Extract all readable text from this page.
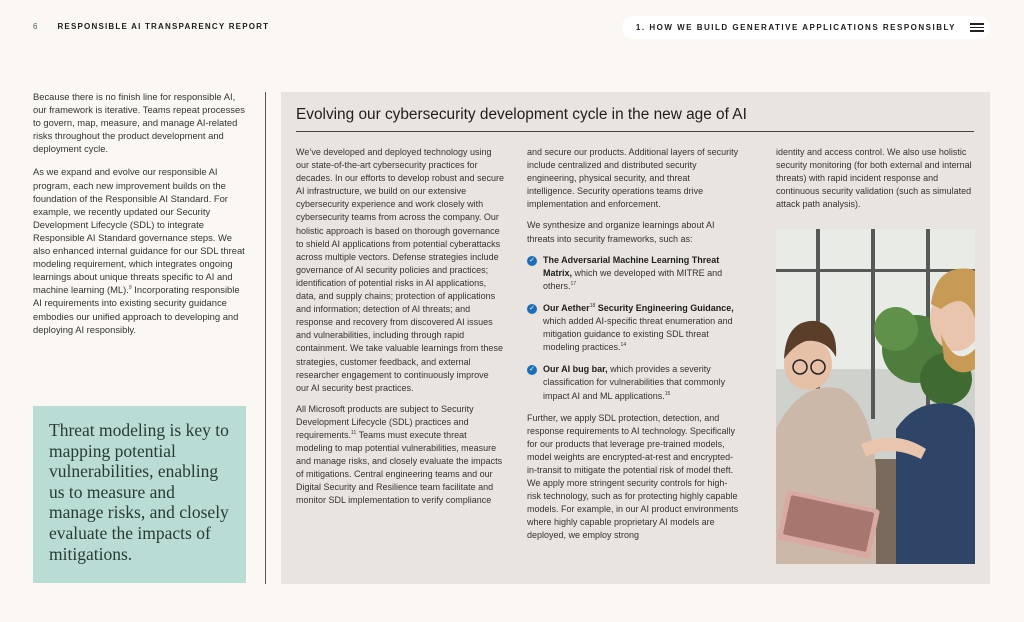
6	RESPONSIBLE AI TRANSPARENCY REPORT	1. HOW WE BUILD GENERATIVE APPLICATIONS RESPONSIBLY

Because there is no finish line for responsible AI, our framework is iterative. Teams repeat processes to govern, map, measure, and manage AI-related risks throughout the product development and deployment cycle.

As we expand and evolve our responsible AI program, each new improvement builds on the foundation of the Responsible AI Standard. For example, we recently updated our Security Development Lifecycle (SDL) to integrate Responsible AI Standard governance steps. We also enhanced internal guidance for our SDL threat modeling requirement, which integrates ongoing learnings about unique threats specific to AI and machine learning (ML).$^9$ Incorporating responsible AI requirements into existing security guidance embodies our unified approach to developing and deploying AI responsibly.

Threat modeling is key to mapping potential vulnerabilities, enabling us to measure and manage risks, and closely evaluate the impacts of mitigations.
Evolving our cybersecurity development cycle in the new age of AI

We’ve developed and deployed technology using our state-of-the-art cybersecurity practices for decades. In our efforts to develop robust and secure AI infrastructure, we build on our extensive cybersecurity experience and work closely with cybersecurity teams from across the company. Our holistic approach is based on thorough governance to shield AI applications from potential cyberattacks across multiple vectors. Defense strategies include governance of AI security policies and practices; identification of potential risks in AI applications, data, and supply chains; protection of applications and information; detection of AI threats; and response and recovery from discovered AI issues and vulnerabilities, including through rapid containment. We take valuable learnings from these strategies, customer feedback, and external researcher engagement to continuously improve our AI security best practices.

All Microsoft products are subject to Security Development Lifecycle (SDL) practices and requirements.$^{11}$ Teams must execute threat modeling to map potential vulnerabilities, measure and manage risks, and closely evaluate the impacts of mitigations. Central engineering teams and our Digital Security and Resilience team facilitate and monitor SDL implementation to verify compliance

and secure our products. Additional layers of security include centralized and distributed security engineering, physical security, and threat intelligence. Security operations teams drive implementation and enforcement.

We synthesize and organize learnings about AI threats into security frameworks, such as:

✓ The Adversarial Machine Learning Threat Matrix, which we developed with MITRE and others.$^{17}$
✓ Our Aether$^{18}$ Security Engineering Guidance, which added AI-specific threat enumeration and mitigation guidance to existing SDL threat modeling practices.$^{14}$
✓ Our AI bug bar, which provides a severity classification for vulnerabilities that commonly impact AI and ML applications.$^{15}$

Further, we apply SDL protection, detection, and response requirements to AI technology. Specifically for our products that leverage pre-trained models, model weights are encrypted-at-rest and encrypted-in-transit to mitigate the potential risk of model theft. We apply more stringent security controls for high-risk technology, such as for protecting highly capable models. For example, in our AI product environments where highly capable proprietary AI models are deployed, we employ strong

identity and access control. We also use holistic security monitoring (for both external and internal threats) with rapid incident response and continuous security validation (such as simulated attack path analysis).
